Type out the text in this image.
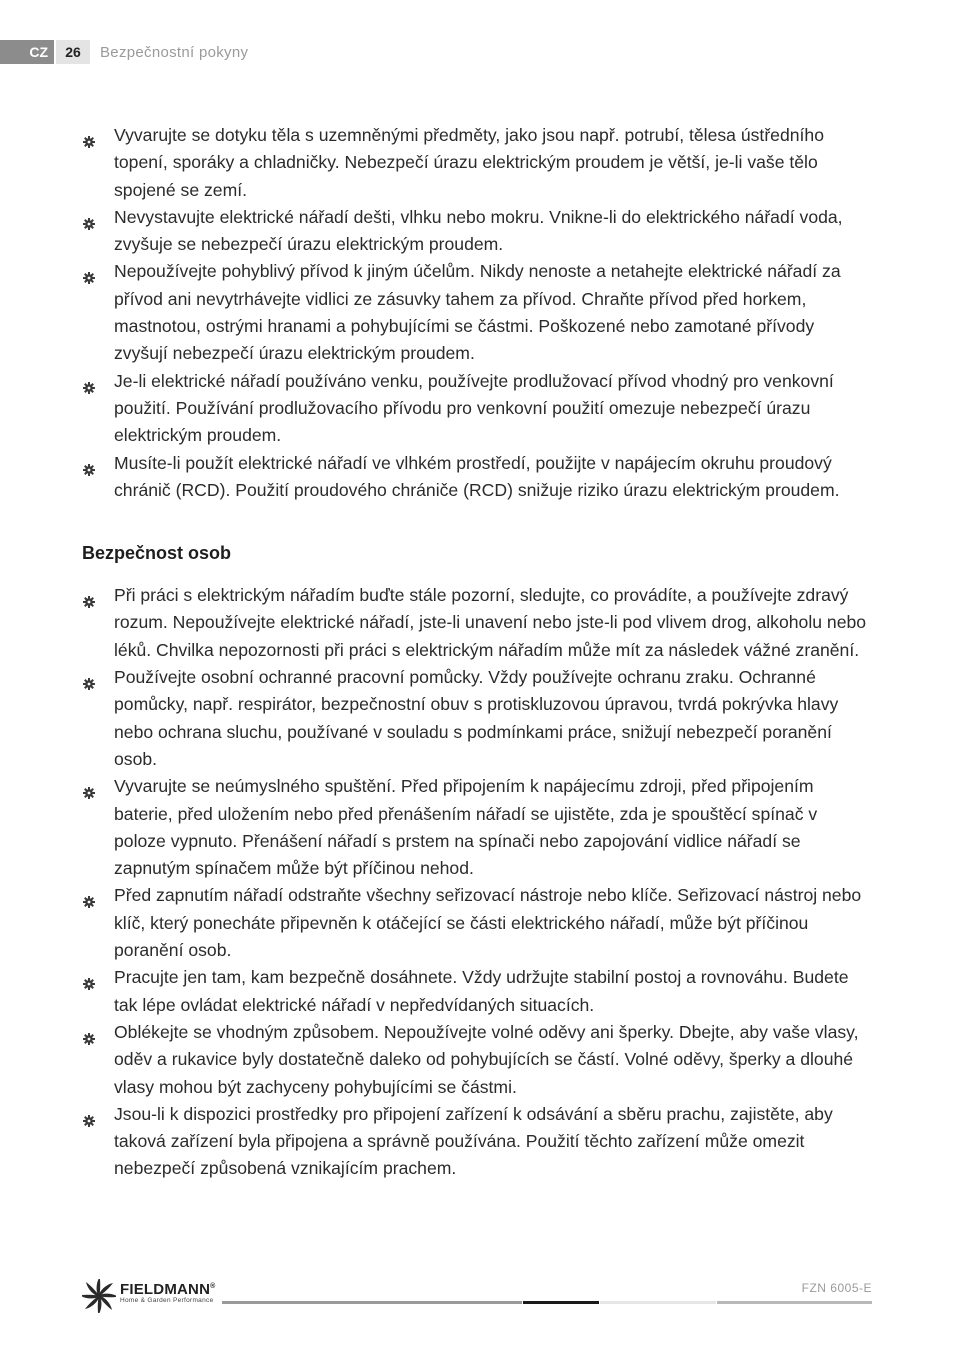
CZ	26	Bezpečnostní pokyny
Vyvarujte se dotyku těla s uzemněnými předměty, jako jsou např. potrubí, tělesa ústředního topení, sporáky a chladničky. Nebezpečí úrazu elektrickým proudem je větší, je-li vaše tělo spojené se zemí.
Nevystavujte elektrické nářadí dešti, vlhku nebo mokru. Vnikne-li do elektrického nářadí voda, zvyšuje se nebezpečí úrazu elektrickým proudem.
Nepoužívejte pohyblivý přívod k jiným účelům. Nikdy nenoste a netahejte elektrické nářadí za přívod ani nevytrhávejte vidlici ze zásuvky tahem za přívod. Chraňte přívod před horkem, mastnotou, ostrými hranami a pohybujícími se částmi. Poškozené nebo zamotané přívody zvyšují nebezpečí úrazu elektrickým proudem.
Je-li elektrické nářadí používáno venku, používejte prodlužovací přívod vhodný pro venkovní použití. Používání prodlužovacího přívodu pro venkovní použití omezuje nebezpečí úrazu elektrickým proudem.
Musíte-li použít elektrické nářadí ve vlhkém prostředí, použijte v napájecím okruhu proudový chránič (RCD). Použití proudového chrániče (RCD) snižuje riziko úrazu elektrickým proudem.
Bezpečnost osob
Při práci s elektrickým nářadím buďte stále pozorní, sledujte, co provádíte, a používejte zdravý rozum. Nepoužívejte elektrické nářadí, jste-li unavení nebo jste-li pod vlivem drog, alkoholu nebo léků. Chvilka nepozornosti při práci s elektrickým nářadím může mít za následek vážné zranění.
Používejte osobní ochranné pracovní pomůcky. Vždy používejte ochranu zraku. Ochranné pomůcky, např. respirátor, bezpečnostní obuv s protiskluzovou úpravou, tvrdá pokrývka hlavy nebo ochrana sluchu, používané v souladu s podmínkami práce, snižují nebezpečí poranění osob.
Vyvarujte se neúmyslného spuštění. Před připojením k napájecímu zdroji, před připojením baterie, před uložením nebo před přenášením nářadí se ujistěte, zda je spouštěcí spínač v poloze vypnuto. Přenášení nářadí s prstem na spínači nebo zapojování vidlice nářadí se zapnutým spínačem může být příčinou nehod.
Před zapnutím nářadí odstraňte všechny seřizovací nástroje nebo klíče. Seřizovací nástroj nebo klíč, který ponecháte připevněn k otáčející se části elektrického nářadí, může být příčinou poranění osob.
Pracujte jen tam, kam bezpečně dosáhnete. Vždy udržujte stabilní postoj a rovnováhu. Budete tak lépe ovládat elektrické nářadí v nepředvídaných situacích.
Oblékejte se vhodným způsobem. Nepoužívejte volné oděvy ani šperky. Dbejte, aby vaše vlasy, oděv a rukavice byly dostatečně daleko od pohybujících se částí. Volné oděvy, šperky a dlouhé vlasy mohou být zachyceny pohybujícími se částmi.
Jsou-li k dispozici prostředky pro připojení zařízení k odsávání a sběru prachu, zajistěte, aby taková zařízení byla připojena a správně používána. Použití těchto zařízení může omezit nebezpečí způsobená vznikajícím prachem.
FIELDMANN®
Home & Garden Performance
FZN 6005-E
